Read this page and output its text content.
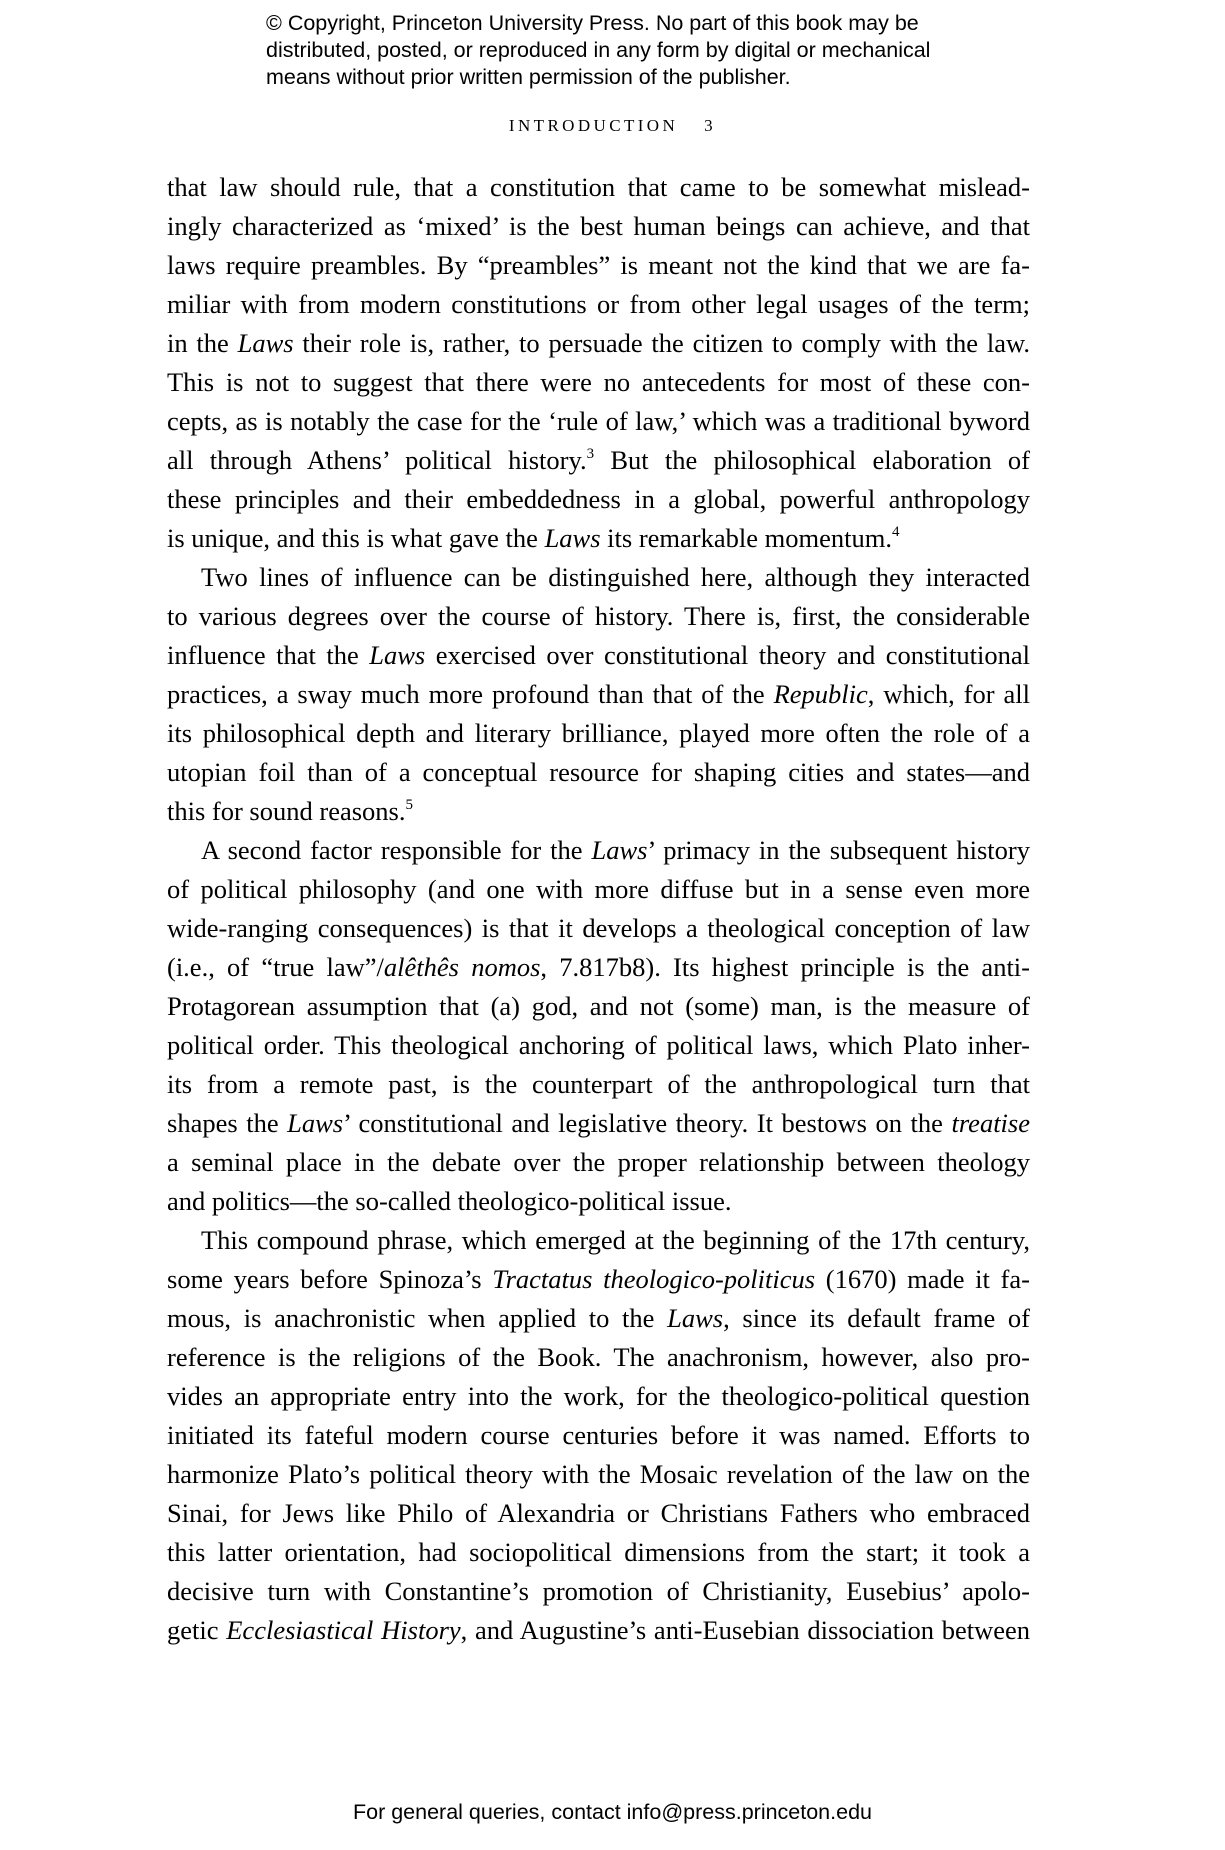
© Copyright, Princeton University Press. No part of this book may be
distributed, posted, or reproduced in any form by digital or mechanical
means without prior written permission of the publisher.
INTRODUCTION 3
that law should rule, that a constitution that came to be somewhat mislead-
ingly characterized as ‘mixed’ is the best human beings can achieve, and that
laws require preambles. By “preambles” is meant not the kind that we are fa-
miliar with from modern constitutions or from other legal usages of the term;
in the Laws their role is, rather, to persuade the citizen to comply with the law.
This is not to suggest that there were no antecedents for most of these con-
cepts, as is notably the case for the ‘rule of law,’ which was a traditional byword
all through Athens’ political history.$^3$ But the philosophical elaboration of
these principles and their embeddedness in a global, powerful anthropology
is unique, and this is what gave the Laws its remarkable momentum.$^4$
Two lines of influence can be distinguished here, although they interacted
to various degrees over the course of history. There is, first, the considerable
influence that the Laws exercised over constitutional theory and constitutional
practices, a sway much more profound than that of the Republic, which, for all
its philosophical depth and literary brilliance, played more often the role of a
utopian foil than of a conceptual resource for shaping cities and states—and
this for sound reasons.$^5$
A second factor responsible for the Laws’ primacy in the subsequent history
of political philosophy (and one with more diffuse but in a sense even more
wide-ranging consequences) is that it develops a theological conception of law
(i.e., of “true law”/alêthês nomos, 7.817b8). Its highest principle is the anti-
Protagorean assumption that (a) god, and not (some) man, is the measure of
political order. This theological anchoring of political laws, which Plato inher-
its from a remote past, is the counterpart of the anthropological turn that
shapes the Laws’ constitutional and legislative theory. It bestows on the treatise
a seminal place in the debate over the proper relationship between theology
and politics—the so-called theologico-political issue.
This compound phrase, which emerged at the beginning of the 17th century,
some years before Spinoza’s Tractatus theologico-politicus (1670) made it fa-
mous, is anachronistic when applied to the Laws, since its default frame of
reference is the religions of the Book. The anachronism, however, also pro-
vides an appropriate entry into the work, for the theologico-political question
initiated its fateful modern course centuries before it was named. Efforts to
harmonize Plato’s political theory with the Mosaic revelation of the law on the
Sinai, for Jews like Philo of Alexandria or Christians Fathers who embraced
this latter orientation, had sociopolitical dimensions from the start; it took a
decisive turn with Constantine’s promotion of Christianity, Eusebius’ apolo-
getic Ecclesiastical History, and Augustine’s anti-Eusebian dissociation between
For general queries, contact info@press.princeton.edu
